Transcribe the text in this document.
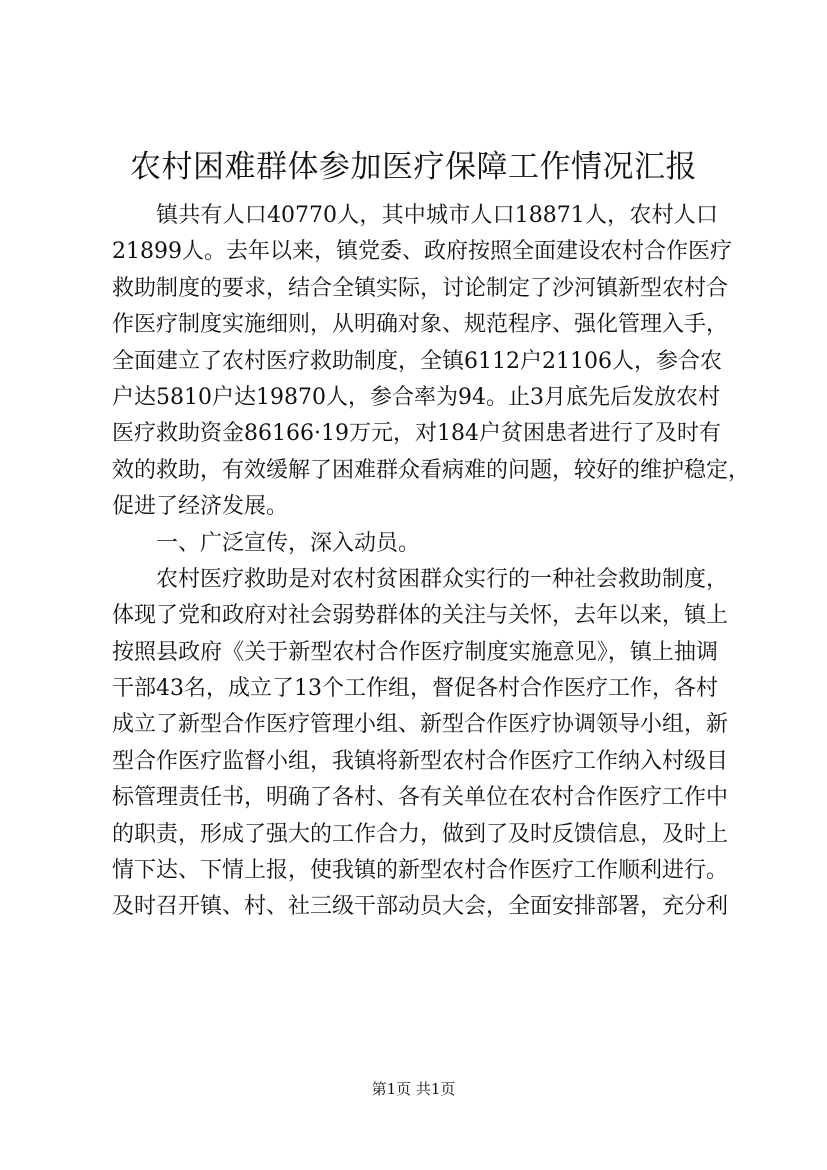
农村困难群体参加医疗保障工作情况汇报
镇共有人口40770人，其中城市人口18871人，农村人口
21899人。去年以来，镇党委、政府按照全面建设农村合作医疗
救助制度的要求，结合全镇实际，讨论制定了沙河镇新型农村合
作医疗制度实施细则，从明确对象、规范程序、强化管理入手，
全面建立了农村医疗救助制度，全镇6112户21106人，参合农
户达5810户达19870人，参合率为94。止3月底先后发放农村
医疗救助资金86166·19万元，对184户贫困患者进行了及时有
效的救助，有效缓解了困难群众看病难的问题，较好的维护稳定，
促进了经济发展。
一、广泛宣传，深入动员。
农村医疗救助是对农村贫困群众实行的一种社会救助制度，
体现了党和政府对社会弱势群体的关注与关怀，去年以来，镇上
按照县政府《关于新型农村合作医疗制度实施意见》，镇上抽调
干部43名，成立了13个工作组，督促各村合作医疗工作，各村
成立了新型合作医疗管理小组、新型合作医疗协调领导小组，新
型合作医疗监督小组，我镇将新型农村合作医疗工作纳入村级目
标管理责任书，明确了各村、各有关单位在农村合作医疗工作中
的职责，形成了强大的工作合力，做到了及时反馈信息，及时上
情下达、下情上报，使我镇的新型农村合作医疗工作顺利进行。
及时召开镇、村、社三级干部动员大会，全面安排部署，充分利
第1页 共1页
